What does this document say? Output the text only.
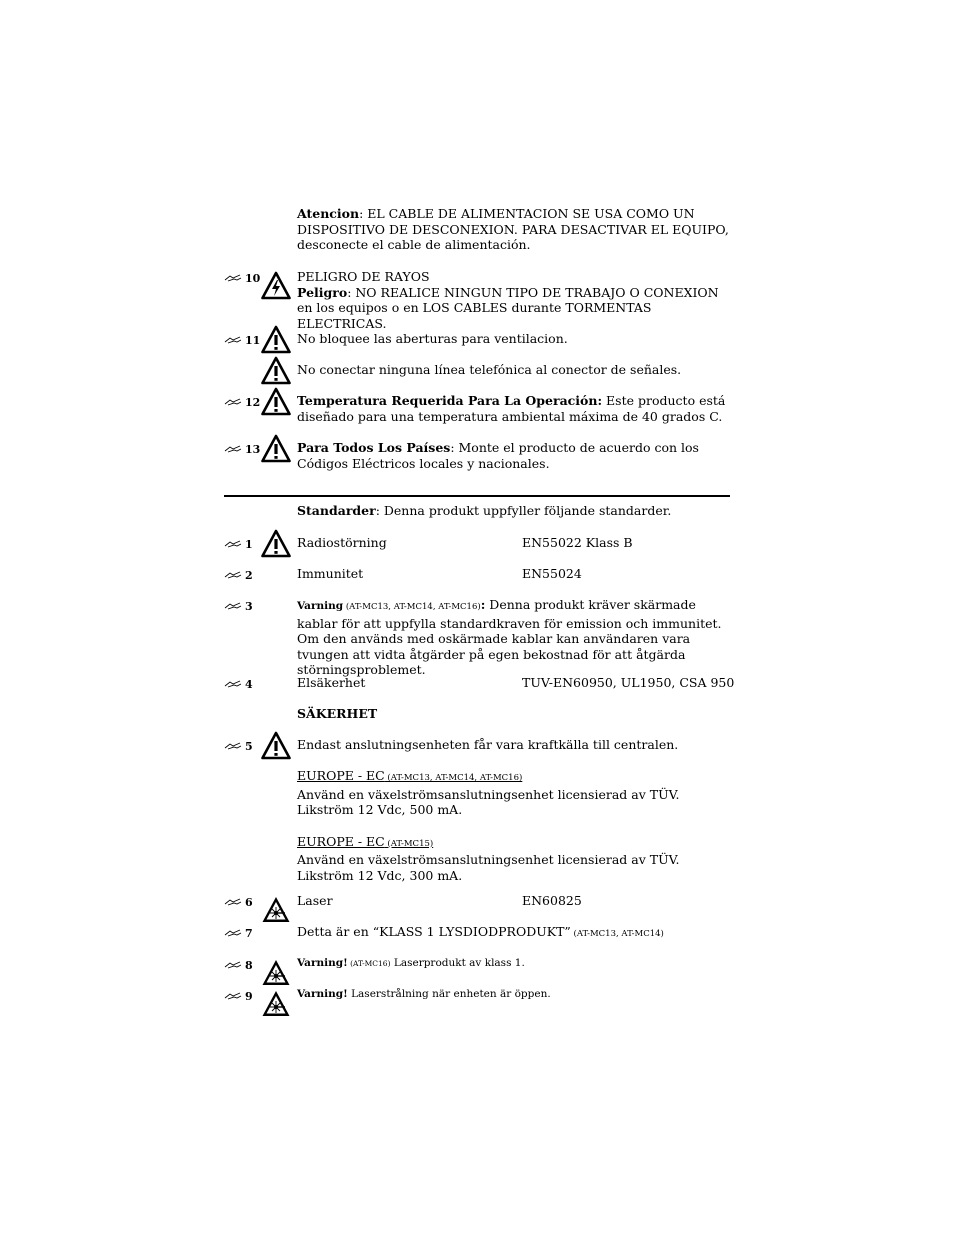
Atencion: EL CABLE DE ALIMENTACION SE USA COMO UN DISPOSITIVO DE DESCONEXION. PARA DESACTIVAR EL EQUIPO, desconecte el cable de alimentación.
10	PELIGRO DE RAYOS
Peligro: NO REALICE NINGUN TIPO DE TRABAJO O CONEXION en los equipos o en LOS CABLES durante TORMENTAS ELECTRICAS.
11	No bloquee las aberturas para ventilacion.
No conectar ninguna línea telefónica al conector de señales.
12	Temperatura Requerida Para La Operación: Este producto está diseñado para una temperatura ambiental máxima de 40 grados C.
13	Para Todos Los Países: Monte el producto de acuerdo con los Códigos Eléctricos locales y nacionales.
Standarder: Denna produkt uppfyller följande standarder.
1	Radiostörning	EN55022 Klass B
2	Immunitet	EN55024
3	Varning (AT-MC13, AT-MC14, AT-MC16): Denna produkt kräver skärmade kablar för att uppfylla standardkraven för emission och immunitet. Om den används med oskärmade kablar kan användaren vara tvungen att vidta åtgärder på egen bekostnad för att åtgärda störningsproblemet.
4	Elsäkerhet	TUV-EN60950, UL1950, CSA 950
SÄKERHET
5	Endast anslutningsenheten får vara kraftkälla till centralen.

EUROPE - EC (AT-MC13, AT-MC14, AT-MC16)
Använd en växelströmsanslutningsenhet licensierad av TÜV. Likström 12 Vdc, 500 mA.

EUROPE - EC (AT-MC15)
Använd en växelströmsanslutningsenhet licensierad av TÜV. Likström 12 Vdc, 300 mA.
6	Laser	EN60825
7	Detta är en “KLASS 1 LYSDIODPRODUKT” (AT-MC13, AT-MC14)
8	Varning! (AT-MC16) Laserprodukt av klass 1.
9	Varning! Laserstrålning när enheten är öppen.
